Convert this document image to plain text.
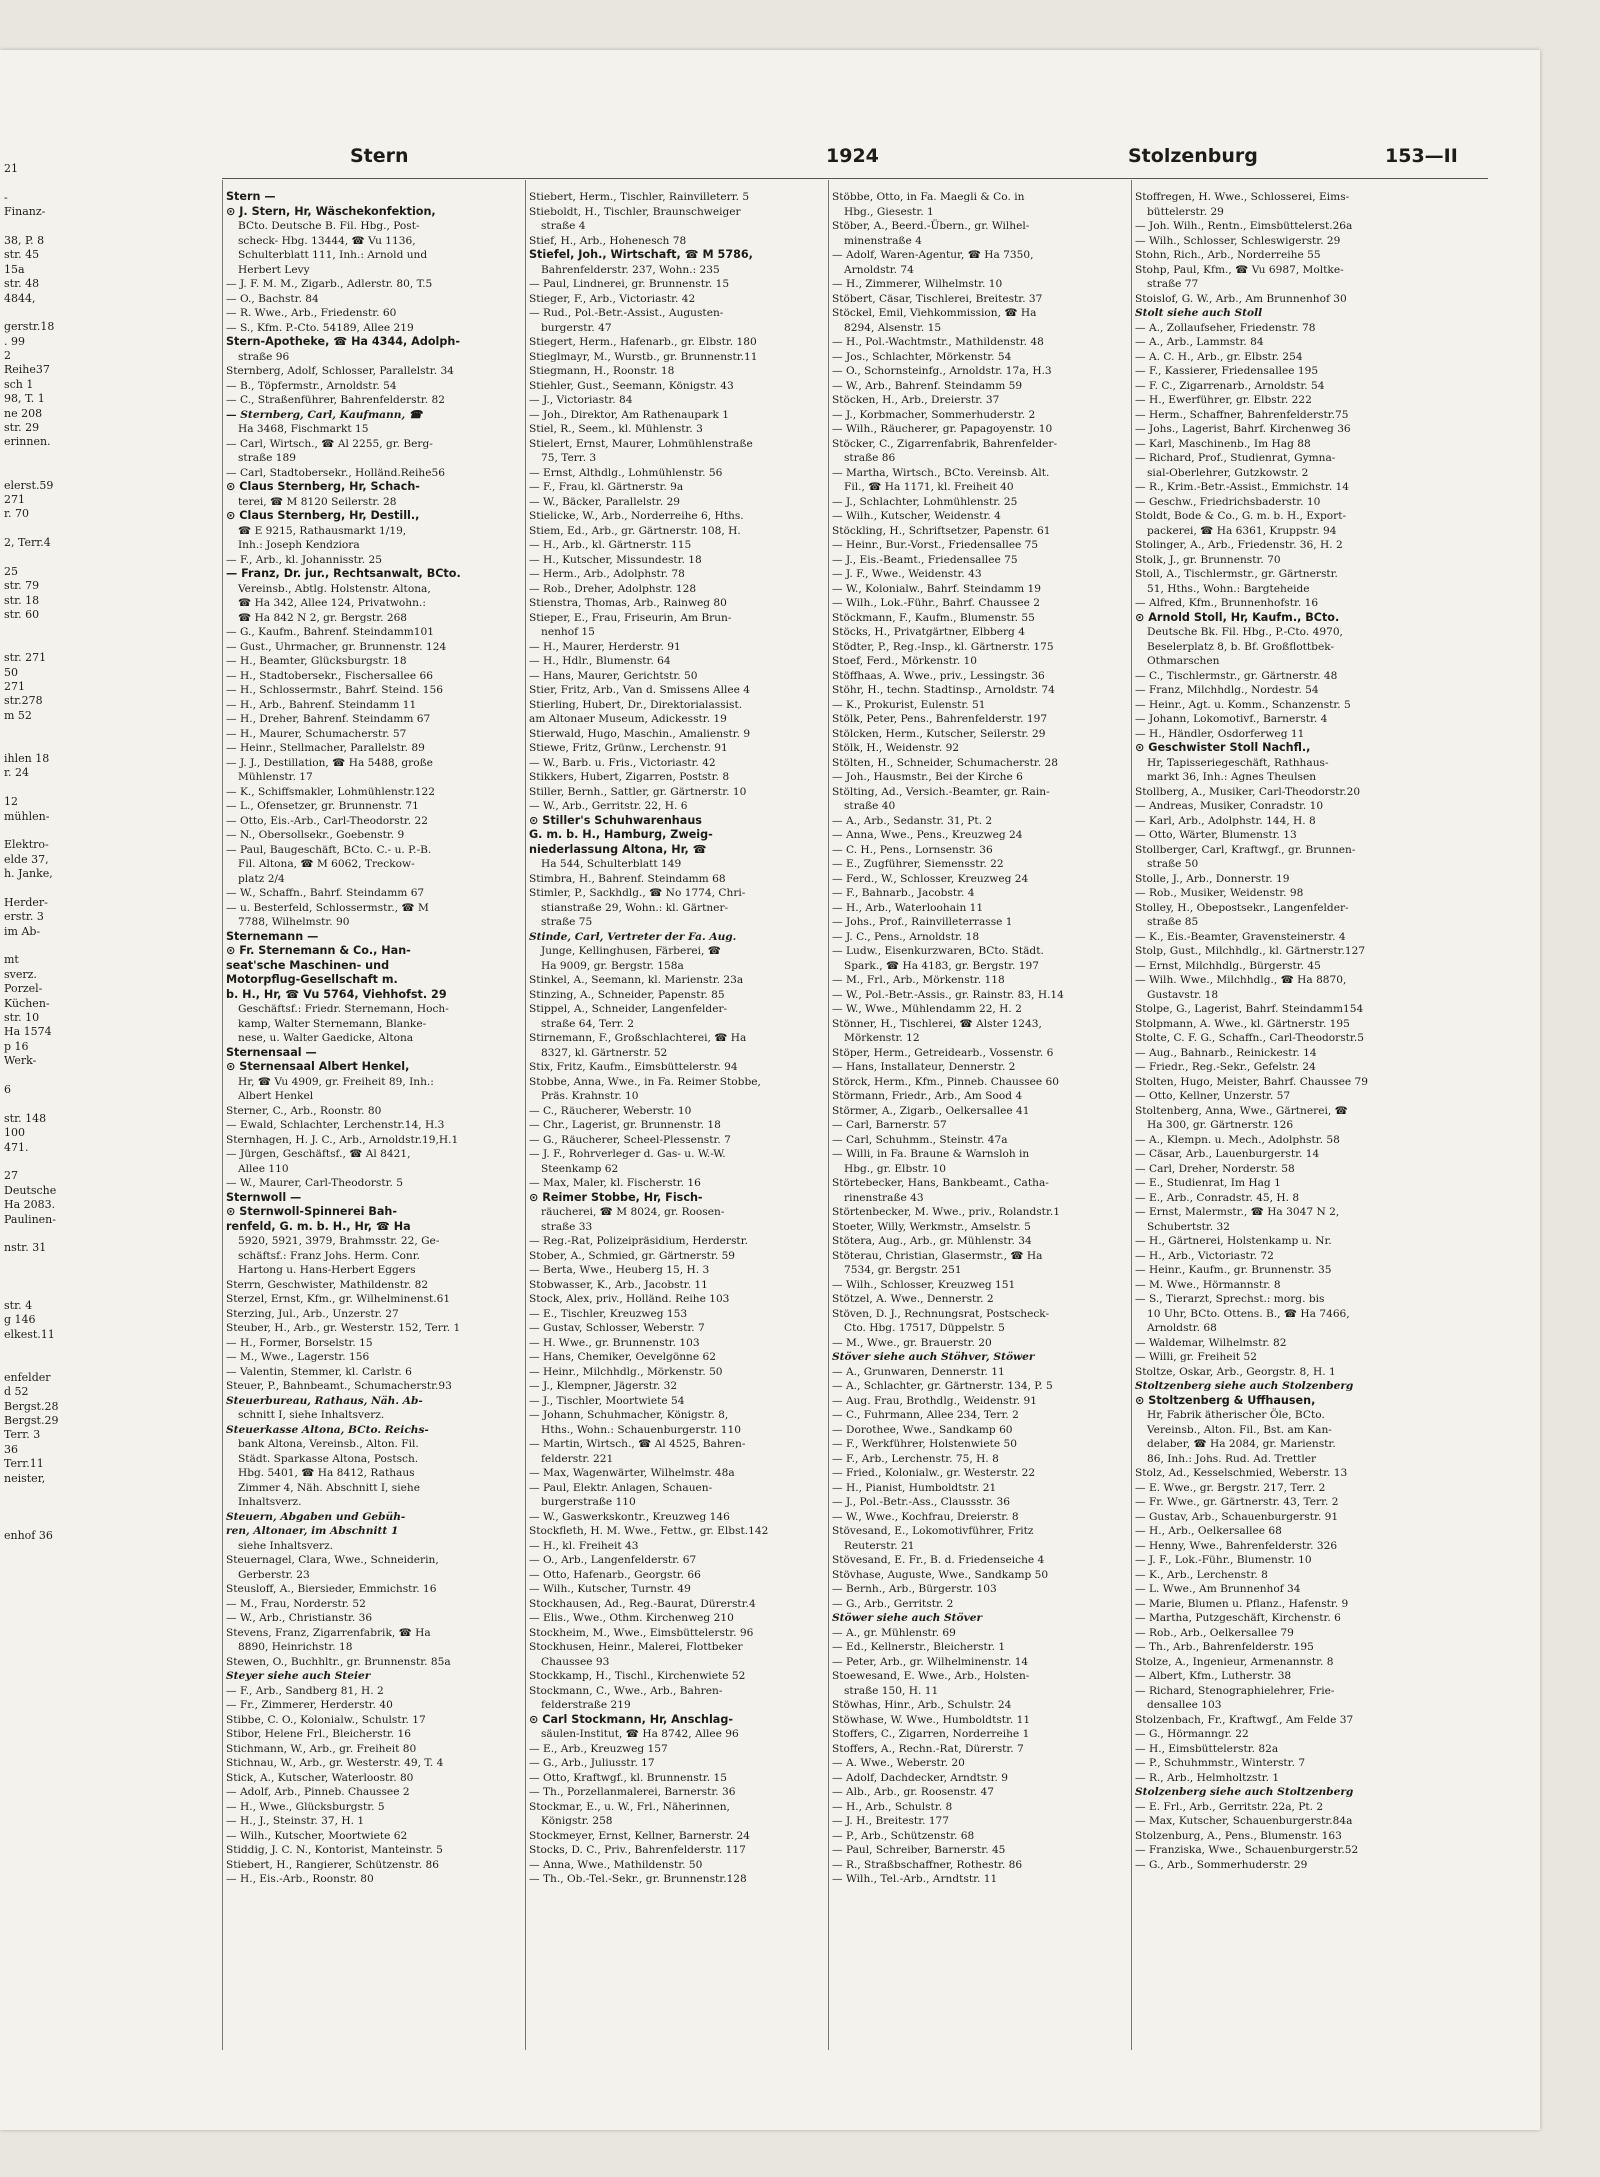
21
-
Finanz-
38, P. 8
str. 45
15a
str. 48
4844,
gerstr.18
. 99
2
Reihe37
sch 1
98, T. 1
ne 208
str. 29
erinnen.
elerst.59
271
r. 70
2, Terr.4
25
str. 79
str. 18
str. 60
str. 271
50
271
str.278
m 52
ihlen 18
r. 24
12
mühlen-
Elektro-
elde 37,
h. Janke,
Herder-
erstr. 3
im Ab-
mt
sverz.
Porzel-
Küchen-
str. 10
Ha 1574
p 16
Werk-
6
str. 148
100
471.
27
Deutsche
Ha 2083.
Paulinen-
nstr. 31
str. 4
g 146
elkest.11
enfelder
d 52
Bergst.28
Bergst.29
Terr. 3
36
Terr.11
neister,
enhof 36
Stern	1924	Stolzenburg	153—II
Stern —
⊙ J. Stern, Hr, Wäschekonfektion,
BCto. Deutsche B. Fil. Hbg., Post-
scheck- Hbg. 13444, ☎ Vu 1136,
Schulterblatt 111, Inh.: Arnold und
Herbert Levy
— J. F. M. M., Zigarb., Adlerstr. 80, T.5
— O., Bachstr. 84
— R. Wwe., Arb., Friedenstr. 60
— S., Kfm. P.-Cto. 54189, Allee 219
Stern-Apotheke, ☎ Ha 4344, Adolph-
straße 96
Sternberg, Adolf, Schlosser, Parallelstr. 34
— B., Töpfermstr., Arnoldstr. 54
— C., Straßenführer, Bahrenfelderstr. 82
— Sternberg, Carl, Kaufmann, ☎
Ha 3468, Fischmarkt 15
— Carl, Wirtsch., ☎ Al 2255, gr. Berg-
straße 189
— Carl, Stadtobersekr., Holländ.Reihe56
⊙ Claus Sternberg, Hr, Schach-
terei, ☎ M 8120 Seilerstr. 28
⊙ Claus Sternberg, Hr, Destill.,
☎ E 9215, Rathausmarkt 1/19,
Inh.: Joseph Kendziora
— F., Arb., kl. Johannisstr. 25
— Franz, Dr. jur., Rechtsanwalt, BCto.
Vereinsb., Abtlg. Holstenstr. Altona,
☎ Ha 342, Allee 124, Privatwohn.:
☎ Ha 842 N 2, gr. Bergstr. 268
— G., Kaufm., Bahrenf. Steindamm101
— Gust., Uhrmacher, gr. Brunnenstr. 124
— H., Beamter, Glücksburgstr. 18
— H., Stadtobersekr., Fischersallee 66
— H., Schlossermstr., Bahrf. Steind. 156
— H., Arb., Bahrenf. Steindamm 11
— H., Dreher, Bahrenf. Steindamm 67
— H., Maurer, Schumacherstr. 57
— Heinr., Stellmacher, Parallelstr. 89
— J. J., Destillation, ☎ Ha 5488, große
Mühlenstr. 17
— K., Schiffsmakler, Lohmühlenstr.122
— L., Ofensetzer, gr. Brunnenstr. 71
— Otto, Eis.-Arb., Carl-Theodorstr. 22
— N., Obersollsekr., Goebenstr. 9
— Paul, Baugeschäft, BCto. C.- u. P.-B.
Fil. Altona, ☎ M 6062, Treckow-
platz 2/4
— W., Schaffn., Bahrf. Steindamm 67
— u. Besterfeld, Schlossermstr., ☎ M
7788, Wilhelmstr. 90
Sternemann —
⊙ Fr. Sternemann & Co., Han-
seat'sche Maschinen- und
Motorpflug-Gesellschaft m.
b. H., Hr, ☎ Vu 5764, Viehhofst. 29
Geschäftsf.: Friedr. Sternemann, Hoch-
kamp, Walter Sternemann, Blanke-
nese, u. Walter Gaedicke, Altona
Sternensaal —
⊙ Sternensaal Albert Henkel,
Hr, ☎ Vu 4909, gr. Freiheit 89, Inh.:
Albert Henkel
Sterner, C., Arb., Roonstr. 80
— Ewald, Schlachter, Lerchenstr.14, H.3
Sternhagen, H. J. C., Arb., Arnoldstr.19,H.1
— Jürgen, Geschäftsf., ☎ Al 8421,
Allee 110
— W., Maurer, Carl-Theodorstr. 5
Sternwoll —
⊙ Sternwoll-Spinnerei Bah-
renfeld, G. m. b. H., Hr, ☎ Ha
5920, 5921, 3979, Brahmsstr. 22, Ge-
schäftsf.: Franz Johs. Herm. Conr.
Hartong u. Hans-Herbert Eggers
Sterrn, Geschwister, Mathildenstr. 82
Sterzel, Ernst, Kfm., gr. Wilhelminenst.61
Sterzing, Jul., Arb., Unzerstr. 27
Steuber, H., Arb., gr. Westerstr. 152, Terr. 1
— H., Former, Borselstr. 15
— M., Wwe., Lagerstr. 156
— Valentin, Stemmer, kl. Carlstr. 6
Steuer, P., Bahnbeamt., Schumacherstr.93
Steuerbureau, Rathaus, Näh. Ab-
schnitt I, siehe Inhaltsverz.
Steuerkasse Altona, BCto. Reichs-
bank Altona, Vereinsb., Alton. Fil.
Städt. Sparkasse Altona, Postsch.
Hbg. 5401, ☎ Ha 8412, Rathaus
Zimmer 4, Näh. Abschnitt I, siehe
Inhaltsverz.
Steuern, Abgaben und Gebüh-
ren, Altonaer, im Abschnitt 1
siehe Inhaltsverz.
Steuernagel, Clara, Wwe., Schneiderin,
Gerberstr. 23
Steusloff, A., Biersieder, Emmichstr. 16
— M., Frau, Norderstr. 52
— W., Arb., Christianstr. 36
Stevens, Franz, Zigarrenfabrik, ☎ Ha
8890, Heinrichstr. 18
Stewen, O., Buchhltr., gr. Brunnenstr. 85a
Steyer siehe auch Steier
— F., Arb., Sandberg 81, H. 2
— Fr., Zimmerer, Herderstr. 40
Stibbe, C. O., Kolonialw., Schulstr. 17
Stibor, Helene Frl., Bleicherstr. 16
Stichmann, W., Arb., gr. Freiheit 80
Stichnau, W., Arb., gr. Westerstr. 49, T. 4
Stick, A., Kutscher, Waterloostr. 80
— Adolf, Arb., Pinneb. Chaussee 2
— H., Wwe., Glücksburgstr. 5
— H., J., Steinstr. 37, H. 1
— Wilh., Kutscher, Moortwiete 62
Stiddig, J. C. N., Kontorist, Manteinstr. 5
Stiebert, H., Rangierer, Schützenstr. 86
— H., Eis.-Arb., Roonstr. 80
Stiebert, Herm., Tischler, Rainvilleterr. 5
Stieboldt, H., Tischler, Braunschweiger
straße 4
Stief, H., Arb., Hohenesch 78
Stiefel, Joh., Wirtschaft, ☎ M 5786,
Bahrenfelderstr. 237, Wohn.: 235
— Paul, Lindnerei, gr. Brunnenstr. 15
Stieger, F., Arb., Victoriastr. 42
— Rud., Pol.-Betr.-Assist., Augusten-
burgerstr. 47
Stiegert, Herm., Hafenarb., gr. Elbstr. 180
Stieglmayr, M., Wurstb., gr. Brunnenstr.11
Stiegmann, H., Roonstr. 18
Stiehler, Gust., Seemann, Königstr. 43
— J., Victoriastr. 84
— Joh., Direktor, Am Rathenaupark 1
Stiel, R., Seem., kl. Mühlenstr. 3
Stielert, Ernst, Maurer, Lohmühlenstraße
75, Terr. 3
— Ernst, Althdlg., Lohmühlenstr. 56
— F., Frau, kl. Gärtnerstr. 9a
— W., Bäcker, Parallelstr. 29
Stielicke, W., Arb., Norderreihe 6, Hths.
Stiem, Ed., Arb., gr. Gärtnerstr. 108, H.
— H., Arb., kl. Gärtnerstr. 115
— H., Kutscher, Missundestr. 18
— Herm., Arb., Adolphstr. 78
— Rob., Dreher, Adolphstr. 128
Stienstra, Thomas, Arb., Rainweg 80
Stieper, E., Frau, Friseurin, Am Brun-
nenhof 15
— H., Maurer, Herderstr. 91
— H., Hdlr., Blumenstr. 64
— Hans, Maurer, Gerichtstr. 50
Stier, Fritz, Arb., Van d. Smissens Allee 4
Stierling, Hubert, Dr., Direktorialassist.
am Altonaer Museum, Adickesstr. 19
Stierwald, Hugo, Maschin., Amalienstr. 9
Stiewe, Fritz, Grünw., Lerchenstr. 91
— W., Barb. u. Fris., Victoriastr. 42
Stikkers, Hubert, Zigarren, Poststr. 8
Stiller, Bernh., Sattler, gr. Gärtnerstr. 10
— W., Arb., Gerritstr. 22, H. 6
⊙ Stiller's Schuhwarenhaus
G. m. b. H., Hamburg, Zweig-
niederlassung Altona, Hr, ☎
Ha 544, Schulterblatt 149
Stimbra, H., Bahrenf. Steindamm 68
Stimler, P., Sackhdlg., ☎ No 1774, Chri-
stianstraße 29, Wohn.: kl. Gärtner-
straße 75
Stinde, Carl, Vertreter der Fa. Aug.
Junge, Kellinghusen, Färberei, ☎
Ha 9009, gr. Bergstr. 158a
Stinkel, A., Seemann, kl. Marienstr. 23a
Stinzing, A., Schneider, Papenstr. 85
Stippel, A., Schneider, Langenfelder-
straße 64, Terr. 2
Stirnemann, F., Großschlachterei, ☎ Ha
8327, kl. Gärtnerstr. 52
Stix, Fritz, Kaufm., Eimsbüttelerstr. 94
Stobbe, Anna, Wwe., in Fa. Reimer Stobbe,
Präs. Krahnstr. 10
— C., Räucherer, Weberstr. 10
— Chr., Lagerist, gr. Brunnenstr. 18
— G., Räucherer, Scheel-Plessenstr. 7
— J. F., Rohrverleger d. Gas- u. W.-W.
Steenkamp 62
— Max, Maler, kl. Fischerstr. 16
⊙ Reimer Stobbe, Hr, Fisch-
räucherei, ☎ M 8024, gr. Roosen-
straße 33
— Reg.-Rat, Polizeipräsidium, Herderstr.
Stober, A., Schmied, gr. Gärtnerstr. 59
— Berta, Wwe., Heuberg 15, H. 3
Stobwasser, K., Arb., Jacobstr. 11
Stock, Alex, priv., Holländ. Reihe 103
— E., Tischler, Kreuzweg 153
— Gustav, Schlosser, Weberstr. 7
— H. Wwe., gr. Brunnenstr. 103
— Hans, Chemiker, Oevelgönne 62
— Heinr., Milchhdlg., Mörkenstr. 50
— J., Klempner, Jägerstr. 32
— J., Tischler, Moortwiete 54
— Johann, Schuhmacher, Königstr. 8,
Hths., Wohn.: Schauenburgerstr. 110
— Martin, Wirtsch., ☎ Al 4525, Bahren-
felderstr. 221
— Max, Wagenwärter, Wilhelmstr. 48a
— Paul, Elektr. Anlagen, Schauen-
burgerstraße 110
— W., Gaswerkskontr., Kreuzweg 146
Stockfleth, H. M. Wwe., Fettw., gr. Elbst.142
— H., kl. Freiheit 43
— O., Arb., Langenfelderstr. 67
— Otto, Hafenarb., Georgstr. 66
— Wilh., Kutscher, Turnstr. 49
Stockhausen, Ad., Reg.-Baurat, Dürerstr.4
— Elis., Wwe., Othm. Kirchenweg 210
Stockheim, M., Wwe., Eimsbüttelerstr. 96
Stockhusen, Heinr., Malerei, Flottbeker
Chaussee 93
Stockkamp, H., Tischl., Kirchenwiete 52
Stockmann, C., Wwe., Arb., Bahren-
felderstraße 219
⊙ Carl Stockmann, Hr, Anschlag-
säulen-Institut, ☎ Ha 8742, Allee 96
— E., Arb., Kreuzweg 157
— G., Arb., Juliusstr. 17
— Otto, Kraftwgf., kl. Brunnenstr. 15
— Th., Porzellanmalerei, Barnerstr. 36
Stockmar, E., u. W., Frl., Näherinnen,
Königstr. 258
Stockmeyer, Ernst, Kellner, Barnerstr. 24
Stocks, D. C., Priv., Bahrenfelderstr. 117
— Anna, Wwe., Mathildenstr. 50
— Th., Ob.-Tel.-Sekr., gr. Brunnenstr.128
Stöbbe, Otto, in Fa. Maegli & Co. in
Hbg., Giesestr. 1
Stöber, A., Beerd.-Übern., gr. Wilhel-
minenstraße 4
— Adolf, Waren-Agentur, ☎ Ha 7350,
Arnoldstr. 74
— H., Zimmerer, Wilhelmstr. 10
Stöbert, Cäsar, Tischlerei, Breitestr. 37
Stöckel, Emil, Viehkommission, ☎ Ha
8294, Alsenstr. 15
— H., Pol.-Wachtmstr., Mathildenstr. 48
— Jos., Schlachter, Mörkenstr. 54
— O., Schornsteinfg., Arnoldstr. 17a, H.3
— W., Arb., Bahrenf. Steindamm 59
Stöcken, H., Arb., Dreierstr. 37
— J., Korbmacher, Sommerhuderstr. 2
— Wilh., Räucherer, gr. Papagoyenstr. 10
Stöcker, C., Zigarrenfabrik, Bahrenfelder-
straße 86
— Martha, Wirtsch., BCto. Vereinsb. Alt.
Fil., ☎ Ha 1171, kl. Freiheit 40
— J., Schlachter, Lohmühlenstr. 25
— Wilh., Kutscher, Weidenstr. 4
Stöckling, H., Schriftsetzer, Papenstr. 61
— Heinr., Bur.-Vorst., Friedensallee 75
— J., Eis.-Beamt., Friedensallee 75
— J. F., Wwe., Weidenstr. 43
— W., Kolonialw., Bahrf. Steindamm 19
— Wilh., Lok.-Führ., Bahrf. Chaussee 2
Stöckmann, F., Kaufm., Blumenstr. 55
Stöcks, H., Privatgärtner, Elbberg 4
Stödter, P., Reg.-Insp., kl. Gärtnerstr. 175
Stoef, Ferd., Mörkenstr. 10
Stöffhaas, A. Wwe., priv., Lessingstr. 36
Stöhr, H., techn. Stadtinsp., Arnoldstr. 74
— K., Prokurist, Eulenstr. 51
Stölk, Peter, Pens., Bahrenfelderstr. 197
Stölcken, Herm., Kutscher, Seilerstr. 29
Stölk, H., Weidenstr. 92
Stölten, H., Schneider, Schumacherstr. 28
— Joh., Hausmstr., Bei der Kirche 6
Stölting, Ad., Versich.-Beamter, gr. Rain-
straße 40
— A., Arb., Sedanstr. 31, Pt. 2
— Anna, Wwe., Pens., Kreuzweg 24
— C. H., Pens., Lornsenstr. 36
— E., Zugführer, Siemensstr. 22
— Ferd., W., Schlosser, Kreuzweg 24
— F., Bahnarb., Jacobstr. 4
— H., Arb., Waterloohain 11
— Johs., Prof., Rainvilleterrasse 1
— J. C., Pens., Arnoldstr. 18
— Ludw., Eisenkurzwaren, BCto. Städt.
Spark., ☎ Ha 4183, gr. Bergstr. 197
— M., Frl., Arb., Mörkenstr. 118
— W., Pol.-Betr.-Assis., gr. Rainstr. 83, H.14
— W., Wwe., Mühlendamm 22, H. 2
Stönner, H., Tischlerei, ☎ Alster 1243,
Mörkenstr. 12
Stöper, Herm., Getreidearb., Vossenstr. 6
— Hans, Installateur, Dennerstr. 2
Störck, Herm., Kfm., Pinneb. Chaussee 60
Störmann, Friedr., Arb., Am Sood 4
Störmer, A., Zigarb., Oelkersallee 41
— Carl, Barnerstr. 57
— Carl, Schuhmm., Steinstr. 47a
— Willi, in Fa. Braune & Warnsloh in
Hbg., gr. Elbstr. 10
Störtebecker, Hans, Bankbeamt., Catha-
rinenstraße 43
Störtenbecker, M. Wwe., priv., Rolandstr.1
Stoeter, Willy, Werkmstr., Amselstr. 5
Stötera, Aug., Arb., gr. Mühlenstr. 34
Stöterau, Christian, Glasermstr., ☎ Ha
7534, gr. Bergstr. 251
— Wilh., Schlosser, Kreuzweg 151
Stötzel, A. Wwe., Dennerstr. 2
Stöven, D. J., Rechnungsrat, Postscheck-
Cto. Hbg. 17517, Düppelstr. 5
— M., Wwe., gr. Brauerstr. 20
Stöver siehe auch Stöhver, Stöwer
— A., Grunwaren, Dennerstr. 11
— A., Schlachter, gr. Gärtnerstr. 134, P. 5
— Aug. Frau, Brothdlg., Weidenstr. 91
— C., Fuhrmann, Allee 234, Terr. 2
— Dorothee, Wwe., Sandkamp 60
— F., Werkführer, Holstenwiete 50
— F., Arb., Lerchenstr. 75, H. 8
— Fried., Kolonialw., gr. Westerstr. 22
— H., Pianist, Humboldtstr. 21
— J., Pol.-Betr.-Ass., Claussstr. 36
— W., Wwe., Kochfrau, Dreierstr. 8
Stövesand, E., Lokomotivführer, Fritz
Reuterstr. 21
Stövesand, E. Fr., B. d. Friedenseiche 4
Stövhase, Auguste, Wwe., Sandkamp 50
— Bernh., Arb., Bürgerstr. 103
— G., Arb., Gerritstr. 2
Stöwer siehe auch Stöver
— A., gr. Mühlenstr. 69
— Ed., Kellnerstr., Bleicherstr. 1
— Peter, Arb., gr. Wilhelminenstr. 14
Stoewesand, E. Wwe., Arb., Holsten-
straße 150, H. 11
Stöwhas, Hinr., Arb., Schulstr. 24
Stöwhase, W. Wwe., Humboldtstr. 11
Stoffers, C., Zigarren, Norderreihe 1
Stoffers, A., Rechn.-Rat, Dürerstr. 7
— A. Wwe., Weberstr. 20
— Adolf, Dachdecker, Arndtstr. 9
— Alb., Arb., gr. Roosenstr. 47
— H., Arb., Schulstr. 8
— J. H., Breitestr. 177
— P., Arb., Schützenstr. 68
— Paul, Schreiber, Barnerstr. 45
— R., Straßbschaffner, Rothestr. 86
— Wilh., Tel.-Arb., Arndtstr. 11
Stoffregen, H. Wwe., Schlosserei, Eims-
büttelerstr. 29
— Joh. Wilh., Rentn., Eimsbüttelerst.26a
— Wilh., Schlosser, Schleswigerstr. 29
Stohn, Rich., Arb., Norderreihe 55
Stohp, Paul, Kfm., ☎ Vu 6987, Moltke-
straße 77
Stoislof, G. W., Arb., Am Brunnenhof 30
Stolt siehe auch Stoll
— A., Zollaufseher, Friedenstr. 78
— A., Arb., Lammstr. 84
— A. C. H., Arb., gr. Elbstr. 254
— F., Kassierer, Friedensallee 195
— F. C., Zigarrenarb., Arnoldstr. 54
— H., Ewerführer, gr. Elbstr. 222
— Herm., Schaffner, Bahrenfelderstr.75
— Johs., Lagerist, Bahrf. Kirchenweg 36
— Karl, Maschinenb., Im Hag 88
— Richard, Prof., Studienrat, Gymna-
sial-Oberlehrer, Gutzkowstr. 2
— R., Krim.-Betr.-Assist., Emmichstr. 14
— Geschw., Friedrichsbaderstr. 10
Stoldt, Bode & Co., G. m. b. H., Export-
packerei, ☎ Ha 6361, Kruppstr. 94
Stolinger, A., Arb., Friedenstr. 36, H. 2
Stolk, J., gr. Brunnenstr. 70
Stoll, A., Tischlermstr., gr. Gärtnerstr.
51, Hths., Wohn.: Bargteheide
— Alfred, Kfm., Brunnenhofstr. 16
⊙ Arnold Stoll, Hr, Kaufm., BCto.
Deutsche Bk. Fil. Hbg., P.-Cto. 4970,
Beselerplatz 8, b. Bf. Großflottbek-
Othmarschen
— C., Tischlermstr., gr. Gärtnerstr. 48
— Franz, Milchhdlg., Nordestr. 54
— Heinr., Agt. u. Komm., Schanzenstr. 5
— Johann, Lokomotivf., Barnerstr. 4
— H., Händler, Osdorferweg 11
⊙ Geschwister Stoll Nachfl.,
Hr, Tapisseriegeschäft, Rathhaus-
markt 36, Inh.: Agnes Theulsen
Stollberg, A., Musiker, Carl-Theodorstr.20
— Andreas, Musiker, Conradstr. 10
— Karl, Arb., Adolphstr. 144, H. 8
— Otto, Wärter, Blumenstr. 13
Stollberger, Carl, Kraftwgf., gr. Brunnen-
straße 50
Stolle, J., Arb., Donnerstr. 19
— Rob., Musiker, Weidenstr. 98
Stolley, H., Obepostsekr., Langenfelder-
straße 85
— K., Eis.-Beamter, Gravensteinerstr. 4
Stolp, Gust., Milchhdlg., kl. Gärtnerstr.127
— Ernst, Milchhdlg., Bürgerstr. 45
— Wilh. Wwe., Milchhdlg., ☎ Ha 8870,
Gustavstr. 18
Stolpe, G., Lagerist, Bahrf. Steindamm154
Stolpmann, A. Wwe., kl. Gärtnerstr. 195
Stolte, C. F. G., Schaffn., Carl-Theodorstr.5
— Aug., Bahnarb., Reinickestr. 14
— Friedr., Reg.-Sekr., Gefelstr. 24
Stolten, Hugo, Meister, Bahrf. Chaussee 79
— Otto, Kellner, Unzerstr. 57
Stoltenberg, Anna, Wwe., Gärtnerei, ☎
Ha 300, gr. Gärtnerstr. 126
— A., Klempn. u. Mech., Adolphstr. 58
— Cäsar, Arb., Lauenburgerstr. 14
— Carl, Dreher, Norderstr. 58
— E., Studienrat, Im Hag 1
— E., Arb., Conradstr. 45, H. 8
— Ernst, Malermstr., ☎ Ha 3047 N 2,
Schubertstr. 32
— H., Gärtnerei, Holstenkamp u. Nr.
— H., Arb., Victoriastr. 72
— Heinr., Kaufm., gr. Brunnenstr. 35
— M. Wwe., Hörmannstr. 8
— S., Tierarzt, Sprechst.: morg. bis
10 Uhr, BCto. Ottens. B., ☎ Ha 7466,
Arnoldstr. 68
— Waldemar, Wilhelmstr. 82
— Willi, gr. Freiheit 52
Stoltze, Oskar, Arb., Georgstr. 8, H. 1
Stoltzenberg siehe auch Stolzenberg
⊙ Stoltzenberg & Uffhausen,
Hr, Fabrik ätherischer Öle, BCto.
Vereinsb., Alton. Fil., Bst. am Kan-
delaber, ☎ Ha 2084, gr. Marienstr.
86, Inh.: Johs. Rud. Ad. Trettler
Stolz, Ad., Kesselschmied, Weberstr. 13
— E. Wwe., gr. Bergstr. 217, Terr. 2
— Fr. Wwe., gr. Gärtnerstr. 43, Terr. 2
— Gustav, Arb., Schauenburgerstr. 91
— H., Arb., Oelkersallee 68
— Henny, Wwe., Bahrenfelderstr. 326
— J. F., Lok.-Führ., Blumenstr. 10
— K., Arb., Lerchenstr. 8
— L. Wwe., Am Brunnenhof 34
— Marie, Blumen u. Pflanz., Hafenstr. 9
— Martha, Putzgeschäft, Kirchenstr. 6
— Rob., Arb., Oelkersallee 79
— Th., Arb., Bahrenfelderstr. 195
Stolze, A., Ingenieur, Armenannstr. 8
— Albert, Kfm., Lutherstr. 38
— Richard, Stenographielehrer, Frie-
densallee 103
Stolzenbach, Fr., Kraftwgf., Am Felde 37
— G., Hörmanngr. 22
— H., Eimsbüttelerstr. 82a
— P., Schuhmmstr., Winterstr. 7
— R., Arb., Helmholtzstr. 1
Stolzenberg siehe auch Stoltzenberg
— E. Frl., Arb., Gerritstr. 22a, Pt. 2
— Max, Kutscher, Schauenburgerstr.84a
Stolzenburg, A., Pens., Blumenstr. 163
— Franziska, Wwe., Schauenburgerstr.52
— G., Arb., Sommerhuderstr. 29
